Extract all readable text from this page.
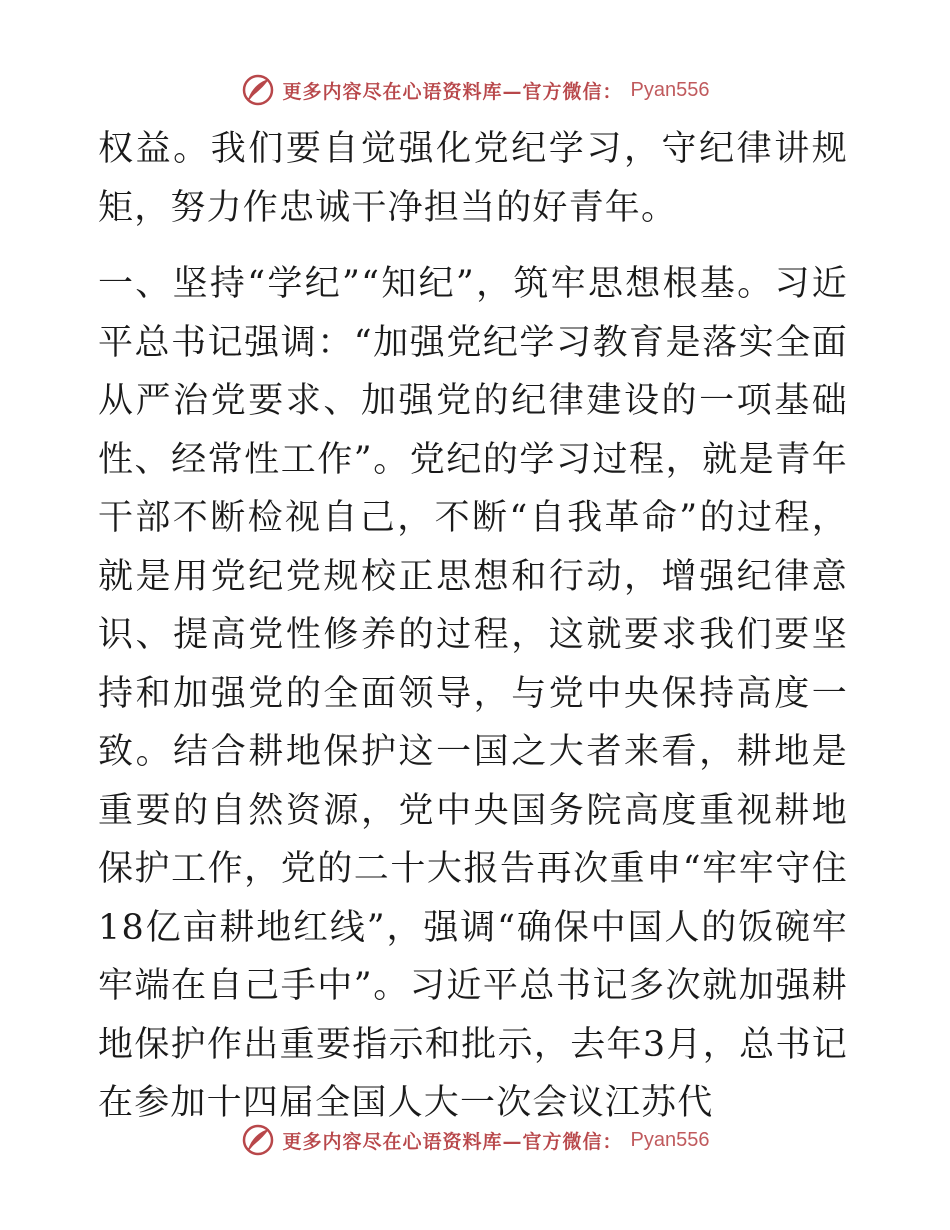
更多内容尽在心语资料库—官方微信： Pyan556

权益。我们要自觉强化党纪学习，守纪律讲规矩，努力作忠诚干净担当的好青年。

一、坚持“学纪”“知纪”，筑牢思想根基。习近平总书记强调：“加强党纪学习教育是落实全面从严治党要求、加强党的纪律建设的一项基础性、经常性工作”。党纪的学习过程，就是青年干部不断检视自己，不断“自我革命”的过程，就是用党纪党规校正思想和行动，增强纪律意识、提高党性修养的过程，这就要求我们要坚持和加强党的全面领导，与党中央保持高度一致。结合耕地保护这一国之大者来看，耕地是重要的自然资源，党中央国务院高度重视耕地保护工作，党的二十大报告再次重申“牢牢守住18亿亩耕地红线”，强调“确保中国人的饭碗牢牢端在自己手中”。习近平总书记多次就加强耕地保护作出重要指示和批示，去年3月，总书记在参加十四届全国人大一次会议江苏代

更多内容尽在心语资料库—官方微信： Pyan556
